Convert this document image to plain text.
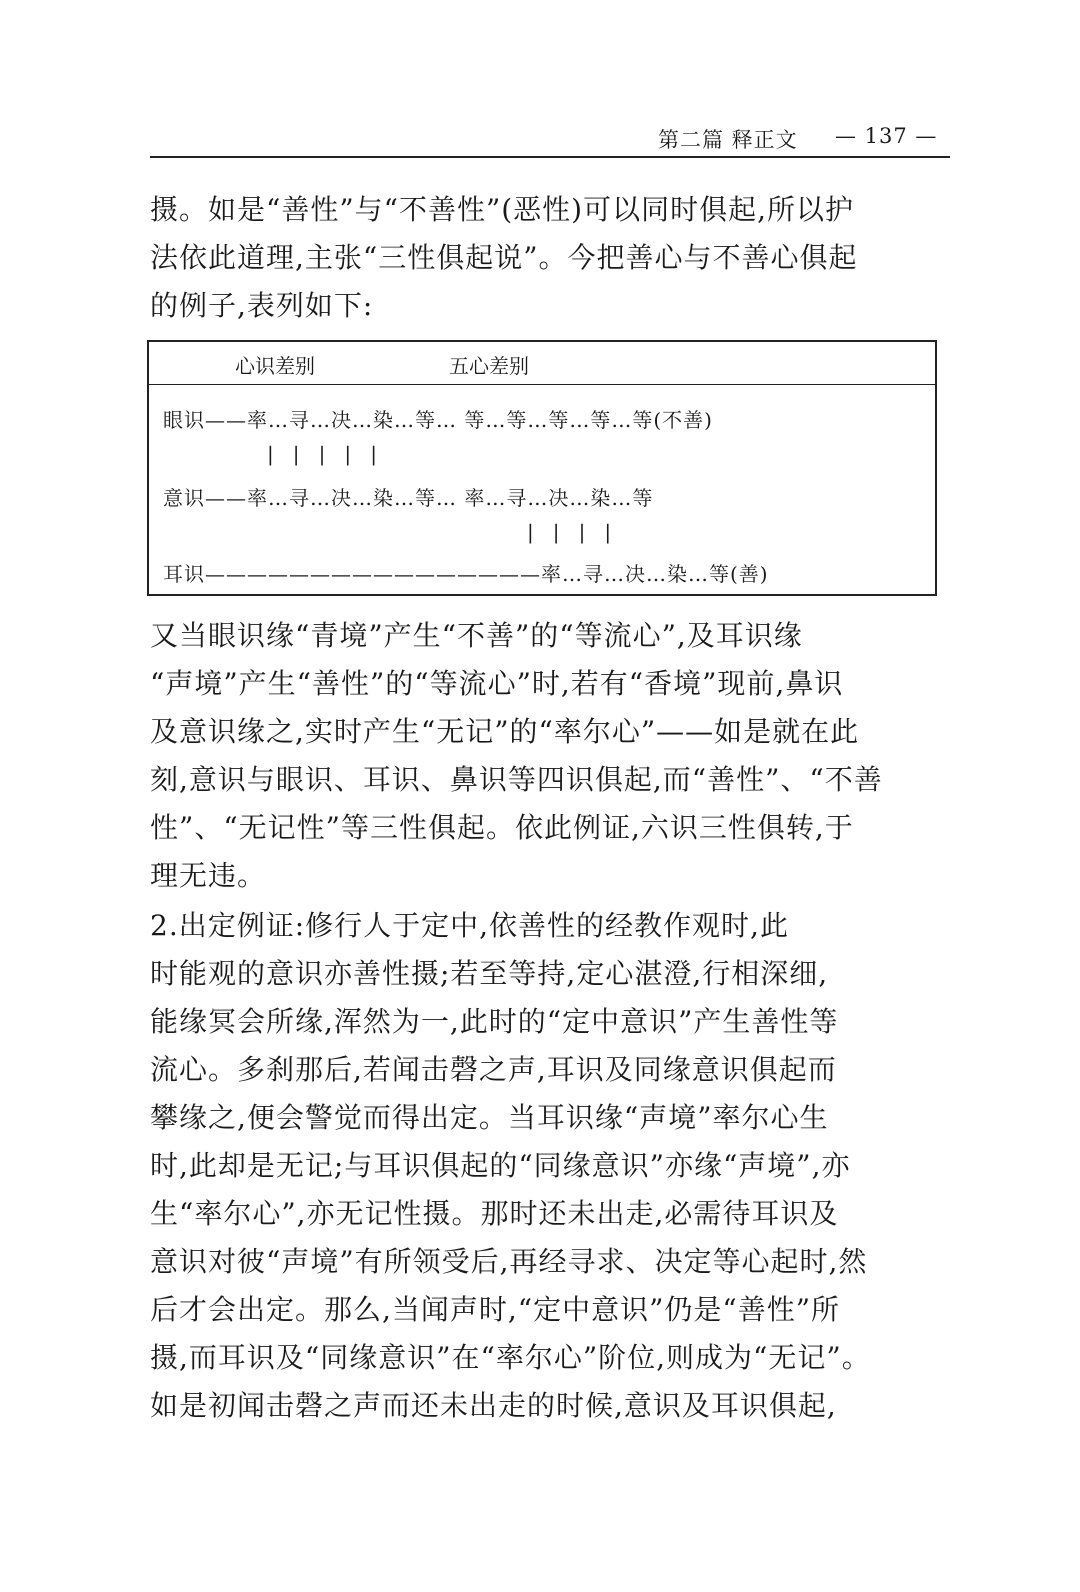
第二篇 释正文 — 137 —
摄。如是“善性”与“不善性”(恶性)可以同时俱起,所以护
法依此道理,主张“三性俱起说”。今把善心与不善心俱起
的例子,表列如下:
心识差别	五心差别
眼识——率…寻…决…染…等… 等…等…等…等…等(不善)
|   |   |   |   |
意识——率…寻…决…染…等… 率…寻…决…染…等
|   |   |   |
耳识————————————————率…寻…决…染…等(善)
又当眼识缘“青境”产生“不善”的“等流心”,及耳识缘
“声境”产生“善性”的“等流心”时,若有“香境”现前,鼻识
及意识缘之,实时产生“无记”的“率尔心”——如是就在此
刻,意识与眼识、耳识、鼻识等四识俱起,而“善性”、“不善
性”、“无记性”等三性俱起。依此例证,六识三性俱转,于
理无违。
2.出定例证:修行人于定中,依善性的经教作观时,此
时能观的意识亦善性摄;若至等持,定心湛澄,行相深细,
能缘冥会所缘,浑然为一,此时的“定中意识”产生善性等
流心。多刹那后,若闻击磬之声,耳识及同缘意识俱起而
攀缘之,便会警觉而得出定。当耳识缘“声境”率尔心生
时,此却是无记;与耳识俱起的“同缘意识”亦缘“声境”,亦
生“率尔心”,亦无记性摄。那时还未出走,必需待耳识及
意识对彼“声境”有所领受后,再经寻求、决定等心起时,然
后才会出定。那么,当闻声时,“定中意识”仍是“善性”所
摄,而耳识及“同缘意识”在“率尔心”阶位,则成为“无记”。
如是初闻击磬之声而还未出走的时候,意识及耳识俱起,
